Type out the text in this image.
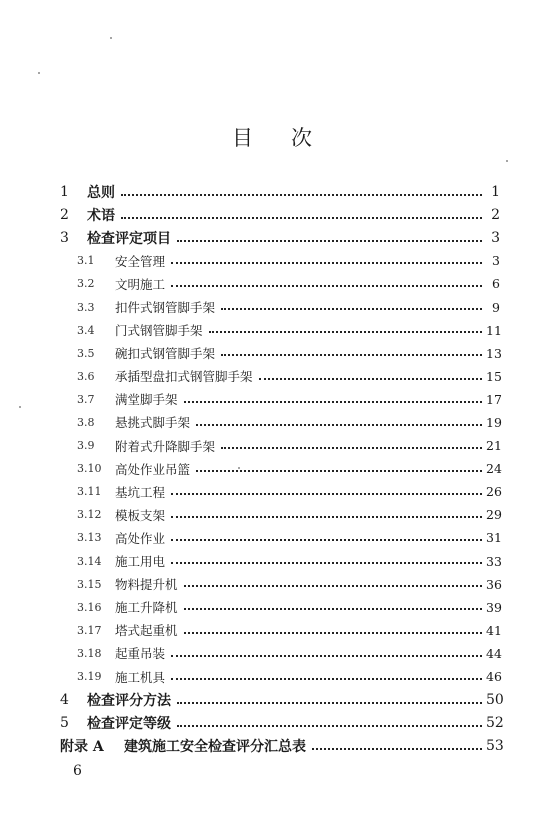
目 次
1	总则	1
2	术语	2
3	检查评定项目	3
3.1	安全管理	3
3.2	文明施工	6
3.3	扣件式钢管脚手架	9
3.4	门式钢管脚手架	11
3.5	碗扣式钢管脚手架	13
3.6	承插型盘扣式钢管脚手架	15
3.7	满堂脚手架	17
3.8	悬挑式脚手架	19
3.9	附着式升降脚手架	21
3.10	高处作业吊篮	24
3.11	基坑工程	26
3.12	模板支架	29
3.13	高处作业	31
3.14	施工用电	33
3.15	物料提升机	36
3.16	施工升降机	39
3.17	塔式起重机	41
3.18	起重吊装	44
3.19	施工机具	46
4	检查评分方法	50
5	检查评定等级	52
附录 A	建筑施工安全检查评分汇总表	53
6
